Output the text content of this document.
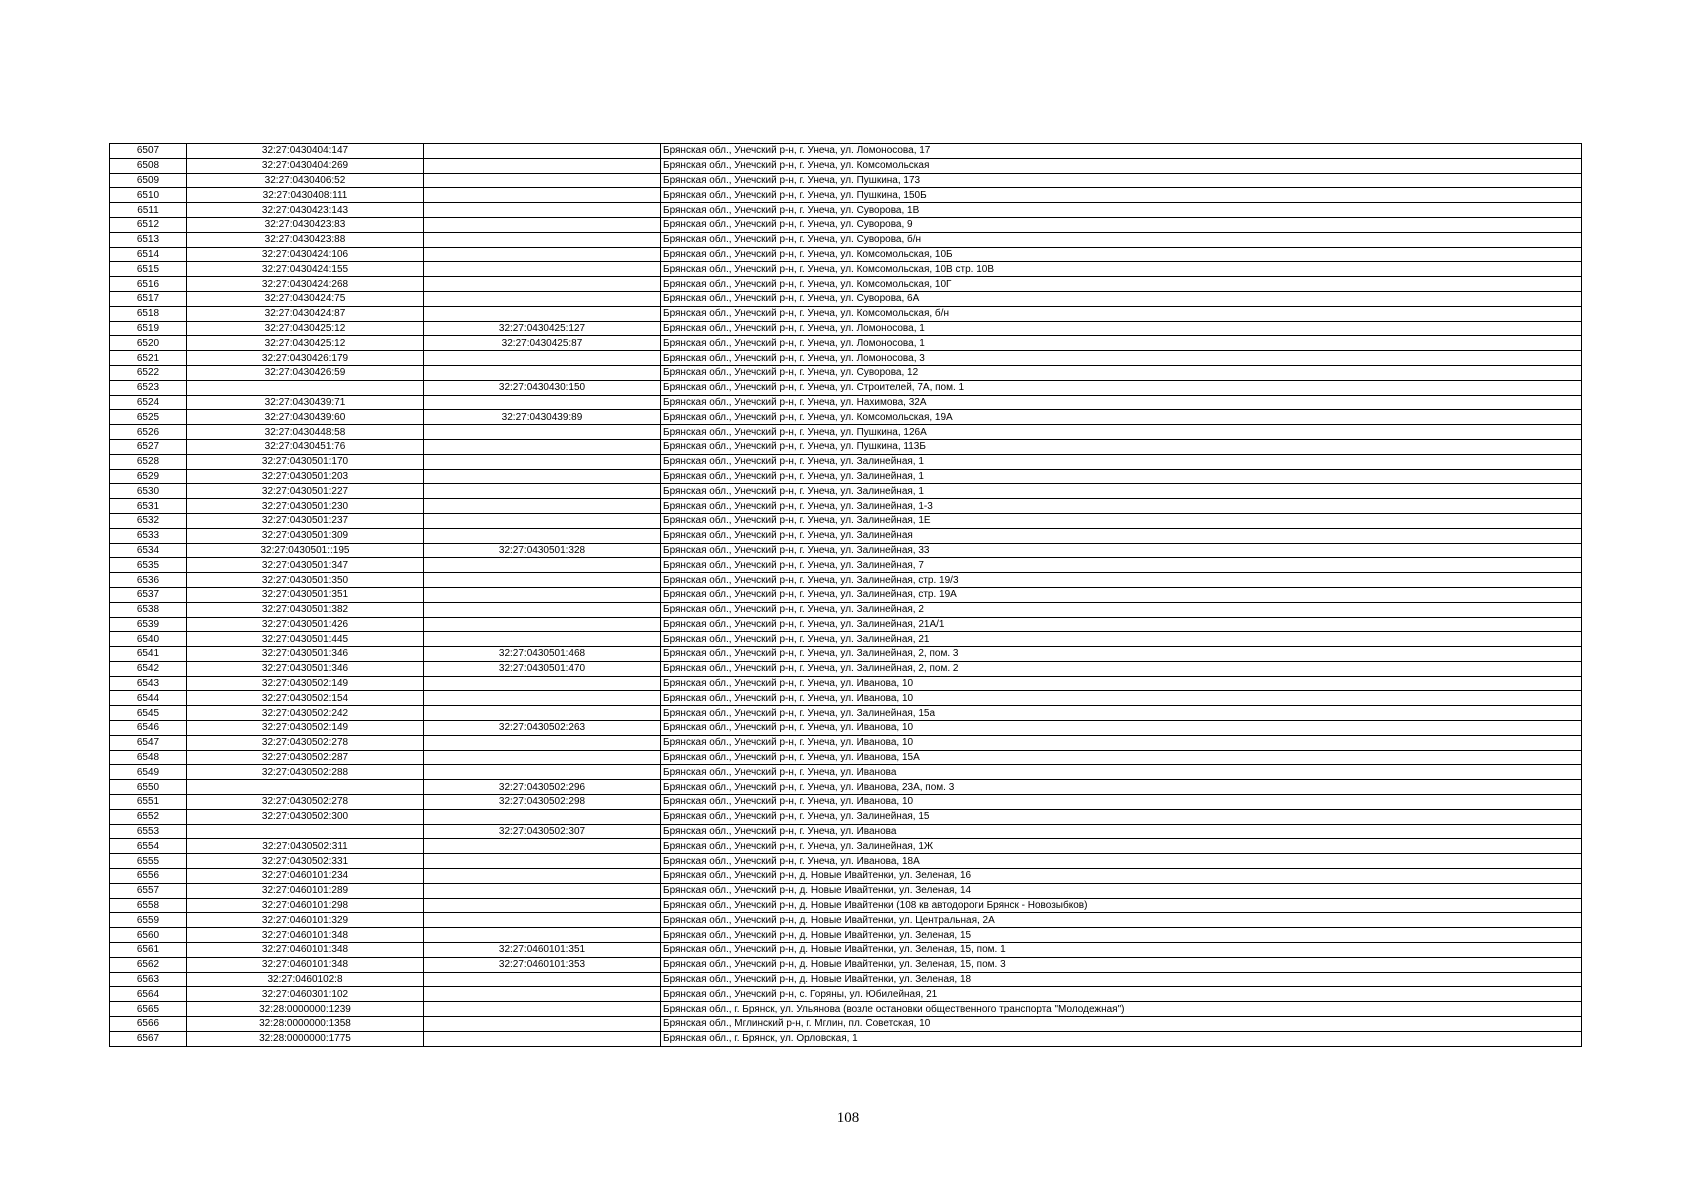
6507	32:27:0430404:147		Брянская обл., Унечский р-н, г. Унеча, ул. Ломоносова, 17
6508	32:27:0430404:269		Брянская обл., Унечский р-н, г. Унеча, ул. Комсомольская
6509	32:27:0430406:52		Брянская обл., Унечский р-н, г. Унеча, ул. Пушкина, 173
6510	32:27:0430408:111		Брянская обл., Унечский р-н, г. Унеча, ул. Пушкина, 150Б
6511	32:27:0430423:143		Брянская обл., Унечский р-н, г. Унеча, ул. Суворова, 1В
6512	32:27:0430423:83		Брянская обл., Унечский р-н, г. Унеча, ул. Суворова, 9
6513	32:27:0430423:88		Брянская обл., Унечский р-н, г. Унеча, ул. Суворова, б/н
6514	32:27:0430424:106		Брянская обл., Унечский р-н, г. Унеча, ул. Комсомольская, 10Б
6515	32:27:0430424:155		Брянская обл., Унечский р-н, г. Унеча, ул. Комсомольская, 10В стр. 10В
6516	32:27:0430424:268		Брянская обл., Унечский р-н, г. Унеча, ул. Комсомольская, 10Г
6517	32:27:0430424:75		Брянская обл., Унечский р-н, г. Унеча, ул. Суворова, 6А
6518	32:27:0430424:87		Брянская обл., Унечский р-н, г. Унеча, ул. Комсомольская, б/н
6519	32:27:0430425:12	32:27:0430425:127	Брянская обл., Унечский р-н, г. Унеча, ул. Ломоносова, 1
6520	32:27:0430425:12	32:27:0430425:87	Брянская обл., Унечский р-н, г. Унеча, ул. Ломоносова, 1
6521	32:27:0430426:179		Брянская обл., Унечский р-н, г. Унеча, ул. Ломоносова, 3
6522	32:27:0430426:59		Брянская обл., Унечский р-н, г. Унеча, ул. Суворова, 12
6523		32:27:0430430:150	Брянская обл., Унечский р-н, г. Унеча, ул. Строителей, 7А, пом. 1
6524	32:27:0430439:71		Брянская обл., Унечский р-н, г. Унеча, ул. Нахимова, 32А
6525	32:27:0430439:60	32:27:0430439:89	Брянская обл., Унечский р-н, г. Унеча, ул. Комсомольская, 19А
6526	32:27:0430448:58		Брянская обл., Унечский р-н, г. Унеча, ул. Пушкина, 126А
6527	32:27:0430451:76		Брянская обл., Унечский р-н, г. Унеча, ул. Пушкина, 113Б
6528	32:27:0430501:170		Брянская обл., Унечский р-н, г. Унеча, ул. Залинейная, 1
6529	32:27:0430501:203		Брянская обл., Унечский р-н, г. Унеча, ул. Залинейная, 1
6530	32:27:0430501:227		Брянская обл., Унечский р-н, г. Унеча, ул. Залинейная, 1
6531	32:27:0430501:230		Брянская обл., Унечский р-н, г. Унеча, ул. Залинейная, 1-3
6532	32:27:0430501:237		Брянская обл., Унечский р-н, г. Унеча, ул. Залинейная, 1Е
6533	32:27:0430501:309		Брянская обл., Унечский р-н, г. Унеча, ул. Залинейная
6534	32:27:0430501::195	32:27:0430501:328	Брянская обл., Унечский р-н, г. Унеча, ул. Залинейная, 33
6535	32:27:0430501:347		Брянская обл., Унечский р-н, г. Унеча, ул. Залинейная, 7
6536	32:27:0430501:350		Брянская обл., Унечский р-н, г. Унеча, ул. Залинейная, стр. 19/3
6537	32:27:0430501:351		Брянская обл., Унечский р-н, г. Унеча, ул. Залинейная, стр. 19А
6538	32:27:0430501:382		Брянская обл., Унечский р-н, г. Унеча, ул. Залинейная, 2
6539	32:27:0430501:426		Брянская обл., Унечский р-н, г. Унеча, ул. Залинейная, 21А/1
6540	32:27:0430501:445		Брянская обл., Унечский р-н, г. Унеча, ул. Залинейная, 21
6541	32:27:0430501:346	32:27:0430501:468	Брянская обл., Унечский р-н, г. Унеча, ул. Залинейная, 2, пом. 3
6542	32:27:0430501:346	32:27:0430501:470	Брянская обл., Унечский р-н, г. Унеча, ул. Залинейная, 2, пом. 2
6543	32:27:0430502:149		Брянская обл., Унечский р-н, г. Унеча, ул. Иванова, 10
6544	32:27:0430502:154		Брянская обл., Унечский р-н, г. Унеча, ул. Иванова, 10
6545	32:27:0430502:242		Брянская обл., Унечский р-н, г. Унеча, ул. Залинейная, 15а
6546	32:27:0430502:149	32:27:0430502:263	Брянская обл., Унечский р-н, г. Унеча, ул. Иванова, 10
6547	32:27:0430502:278		Брянская обл., Унечский р-н, г. Унеча, ул. Иванова, 10
6548	32:27:0430502:287		Брянская обл., Унечский р-н, г. Унеча, ул. Иванова, 15А
6549	32:27:0430502:288		Брянская обл., Унечский р-н, г. Унеча, ул. Иванова
6550		32:27:0430502:296	Брянская обл., Унечский р-н, г. Унеча, ул. Иванова, 23А, пом. 3
6551	32:27:0430502:278	32:27:0430502:298	Брянская обл., Унечский р-н, г. Унеча, ул. Иванова, 10
6552	32:27:0430502:300		Брянская обл., Унечский р-н, г. Унеча, ул. Залинейная, 15
6553		32:27:0430502:307	Брянская обл., Унечский р-н, г. Унеча, ул. Иванова
6554	32:27:0430502:311		Брянская обл., Унечский р-н, г. Унеча, ул. Залинейная, 1Ж
6555	32:27:0430502:331		Брянская обл., Унечский р-н, г. Унеча, ул. Иванова, 18А
6556	32:27:0460101:234		Брянская обл., Унечский р-н, д. Новые Ивайтенки, ул. Зеленая, 16
6557	32:27:0460101:289		Брянская обл., Унечский р-н, д. Новые Ивайтенки, ул. Зеленая, 14
6558	32:27:0460101:298		Брянская обл., Унечский р-н, д. Новые Ивайтенки (108 кв автодороги Брянск - Новозыбков)
6559	32:27:0460101:329		Брянская обл., Унечский р-н, д. Новые Ивайтенки, ул. Центральная, 2А
6560	32:27:0460101:348		Брянская обл., Унечский р-н, д. Новые Ивайтенки, ул. Зеленая, 15
6561	32:27:0460101:348	32:27:0460101:351	Брянская обл., Унечский р-н, д. Новые Ивайтенки, ул. Зеленая, 15, пом. 1
6562	32:27:0460101:348	32:27:0460101:353	Брянская обл., Унечский р-н, д. Новые Ивайтенки, ул. Зеленая, 15, пом. 3
6563	32:27:0460102:8		Брянская обл., Унечский р-н, д. Новые Ивайтенки, ул. Зеленая, 18
6564	32:27:0460301:102		Брянская обл., Унечский р-н, с. Горяны, ул. Юбилейная, 21
6565	32:28:0000000:1239		Брянская обл., г. Брянск, ул. Ульянова (возле остановки общественного транспорта "Молодежная")
6566	32:28:0000000:1358		Брянская обл., Мглинский р-н, г. Мглин, пл. Советская, 10
6567	32:28:0000000:1775		Брянская обл., г. Брянск, ул. Орловская, 1
108
